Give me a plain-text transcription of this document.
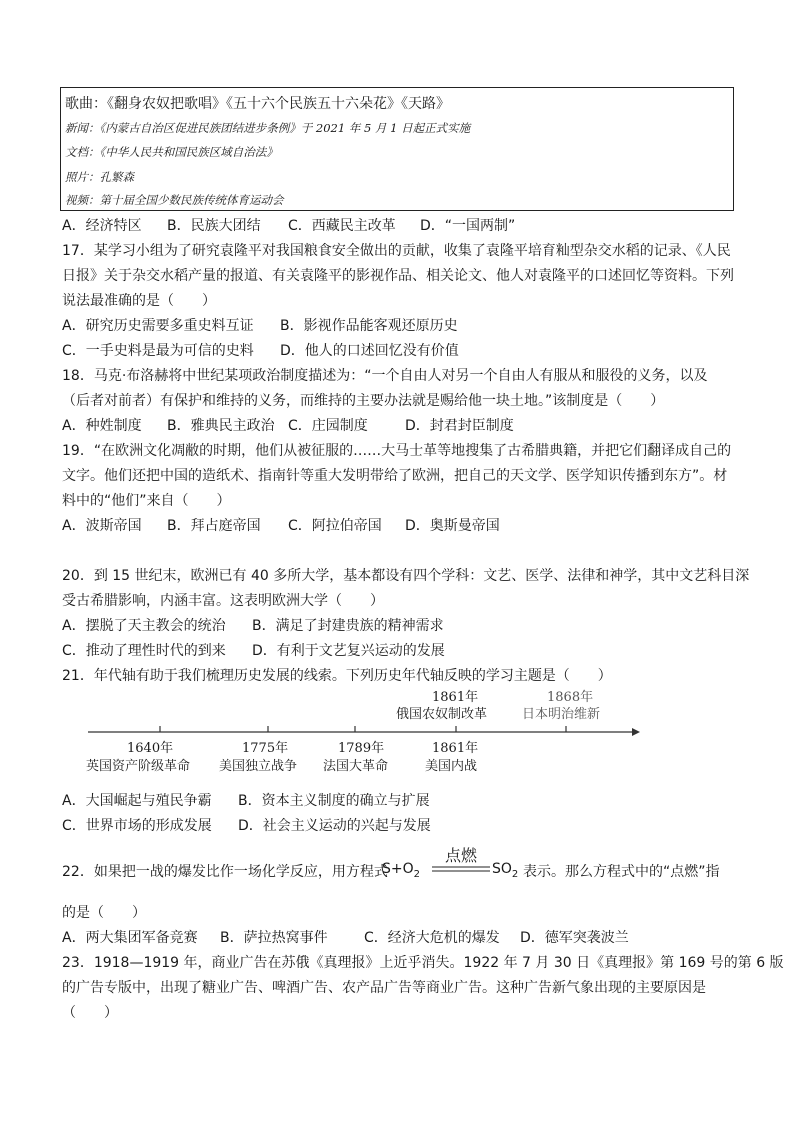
歌曲：《翻身农奴把歌唱》《五十六个民族五十六朵花》《天路》
新闻：《内蒙古自治区促进民族团结进步条例》于 2021 年 5 月 1 日起正式实施
文档：《中华人民共和国民族区域自治法》
照片：孔繁森
视频：第十届全国少数民族传统体育运动会
A．经济特区 B．民族大团结 C．西藏民主改革 D．“一国两制”
17．某学习小组为了研究袁隆平对我国粮食安全做出的贡献，收集了袁隆平培育籼型杂交水稻的记录、《人民
日报》关于杂交水稻产量的报道、有关袁隆平的影视作品、相关论文、他人对袁隆平的口述回忆等资料。下列
说法最准确的是（　　）
A．研究历史需要多重史料互证 B．影视作品能客观还原历史
C．一手史料是最为可信的史料 D．他人的口述回忆没有价值
18．马克·布洛赫将中世纪某项政治制度描述为：“一个自由人对另一个自由人有服从和服役的义务，以及
（后者对前者）有保护和维持的义务，而维持的主要办法就是赐给他一块土地。”该制度是（　　）
A．种姓制度 B．雅典民主政治 C．庄园制度	D．封君封臣制度
19．“在欧洲文化凋敝的时期，他们从被征服的……大马士革等地搜集了古希腊典籍，并把它们翻译成自己的
文字。他们还把中国的造纸术、指南针等重大发明带给了欧洲，把自己的天文学、医学知识传播到东方”。材
料中的“他们”来自（　　）
A．波斯帝国 B．拜占庭帝国 C．阿拉伯帝国 D．奥斯曼帝国
20．到 15 世纪末，欧洲已有 40 多所大学，基本都设有四个学科：文艺、医学、法律和神学，其中文艺科目深
受古希腊影响，内涵丰富。这表明欧洲大学（　　）
A．摆脱了天主教会的统治 B．满足了封建贵族的精神需求
C．推动了理性时代的到来 D．有利于文艺复兴运动的发展
21．年代轴有助于我们梳理历史发展的线索。下列历史年代轴反映的学习主题是（　　）
1861年
俄国农奴制改革
1868年
日本明治维新
1640年
英国资产阶级革命
1775年
美国独立战争
1789年
法国大革命
1861年
美国内战
A．大国崛起与殖民争霸 B．资本主义制度的确立与扩展
C．世界市场的形成发展 D．社会主义运动的兴起与发展
22．如果把一战的爆发比作一场化学反应，用方程式
$S+O_2$
点燃
$SO_2$ 表示。那么方程式中的“点燃”指
的是（　　）
A．两大集团军备竞赛 B．萨拉热窝事件	C．经济大危机的爆发 D．德军突袭波兰
23．1918—1919 年，商业广告在苏俄《真理报》上近乎消失。1922 年 7 月 30 日《真理报》第 169 号的第 6 版
的广告专版中，出现了糖业广告、啤酒广告、农产品广告等商业广告。这种广告新气象出现的主要原因是
（　　）
